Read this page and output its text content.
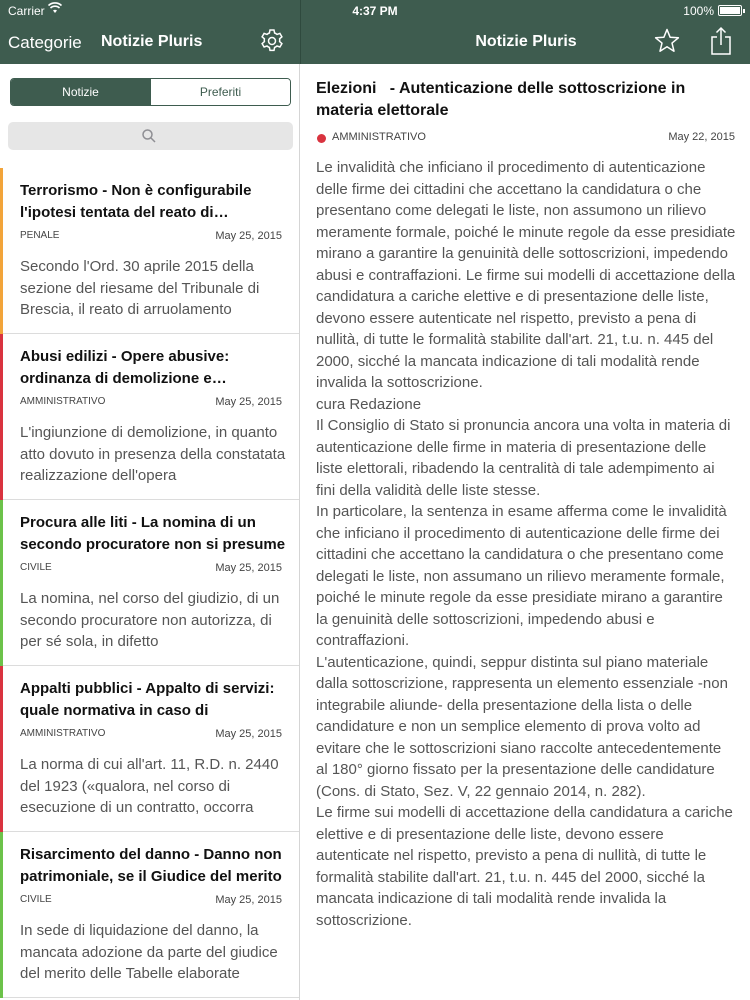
Carrier	4:37 PM	100%
Categorie Notizie Pluris	Notizie Pluris
Notizie	Preferiti
Terrorismo - Non è configurabile l'ipotesi tentata del reato di
PENALE	May 25, 2015
Secondo l'Ord. 30 aprile 2015 della sezione del riesame del Tribunale di Brescia, il reato di arruolamento
Abusi edilizi - Opere abusive: ordinanza di demolizione e
AMMINISTRATIVO	May 25, 2015
L'ingiunzione di demolizione, in quanto atto dovuto in presenza della constatata realizzazione dell'opera
Procura alle liti - La nomina di un secondo procuratore non si presume
CIVILE	May 25, 2015
La nomina, nel corso del giudizio, di un secondo procuratore non autorizza, di per sé sola, in difetto
Appalti pubblici - Appalto di servizi: quale normativa in caso di
AMMINISTRATIVO	May 25, 2015
La norma di cui all'art. 11, R.D. n. 2440 del 1923 («qualora, nel corso di esecuzione di un contratto, occorra
Risarcimento del danno - Danno non patrimoniale, se il Giudice del merito
CIVILE	May 25, 2015
In sede di liquidazione del danno, la mancata adozione da parte del giudice del merito delle Tabelle elaborate
Elezioni   - Autenticazione delle sottoscrizione in materia elettorale
AMMINISTRATIVO	May 22, 2015

Le invalidità che inficiano il procedimento di autenticazione delle firme dei cittadini che accettano la candidatura o che presentano come delegati le liste, non assumono un rilievo meramente formale, poiché le minute regole da esse presidiate mirano a garantire la genuinità delle sottoscrizioni, impedendo abusi e contraffazioni. Le firme sui modelli di accettazione della candidatura a cariche elettive e di presentazione delle liste, devono essere autenticate nel rispetto, previsto a pena di nullità, di tutte le formalità stabilite dall'art. 21, t.u. n. 445 del 2000, sicché la mancata indicazione di tali modalità rende invalida la sottoscrizione.

cura Redazione

Il Consiglio di Stato si pronuncia ancora una volta in materia di autenticazione delle firme in materia di presentazione delle liste elettorali, ribadendo la centralità di tale adempimento ai fini della validità delle liste stesse.

In particolare, la sentenza in esame afferma come le invalidità che inficiano il procedimento di autenticazione delle firme dei cittadini che accettano la candidatura o che presentano come delegati le liste, non assumano un rilievo meramente formale, poiché le minute regole da esse presidiate mirano a garantire la genuinità delle sottoscrizioni, impedendo abusi e contraffazioni.

L'autenticazione, quindi, seppur distinta sul piano materiale dalla sottoscrizione, rappresenta un elemento essenziale -non integrabile aliunde- della presentazione della lista o delle candidature e non un semplice elemento di prova volto ad evitare che le sottoscrizioni siano raccolte antecedentemente al 180° giorno fissato per la presentazione delle candidature (Cons. di Stato, Sez. V, 22 gennaio 2014, n. 282).

Le firme sui modelli di accettazione della candidatura a cariche elettive e di presentazione delle liste, devono essere autenticate nel rispetto, previsto a pena di nullità, di tutte le formalità stabilite dall'art. 21, t.u. n. 445 del 2000, sicché la mancata indicazione di tali modalità rende invalida la sottoscrizione.
